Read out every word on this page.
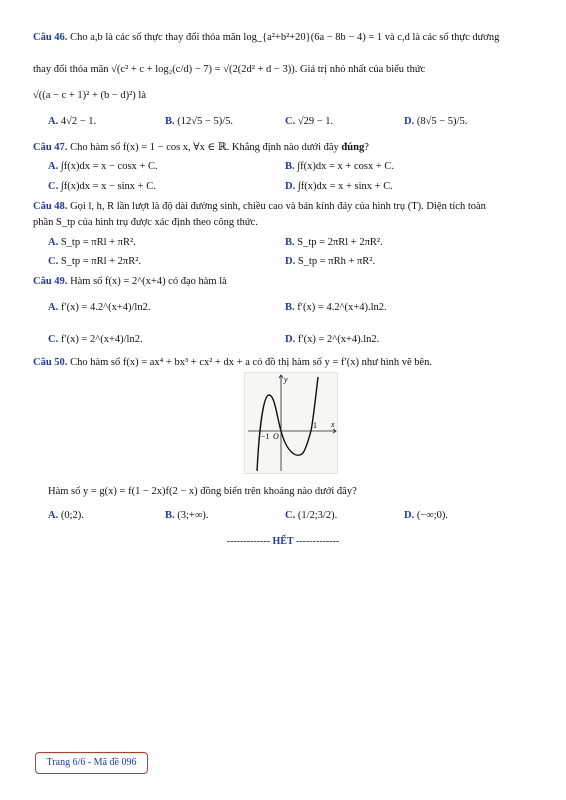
Câu 46. Cho a,b là các số thực thay đổi thỏa mãn log_{a²+b²+20}(6a − 8b − 4) = 1 và c,d là các số thực dương
thay đổi thỏa mãn √(c² + c + log₂(c/d) − 7) = √(2(2d² + d − 3)). Giá trị nhỏ nhất của biểu thức
√((a − c + 1)² + (b − d)²) là
A. 4√2 − 1.	B. (12√5 − 5)/5.	C. √29 − 1.	D. (8√5 − 5)/5.
Câu 47. Cho hàm số f(x) = 1 − cos x, ∀x ∈ ℝ. Khẳng định nào dưới đây đúng?
A. ∫f(x)dx = x − cosx + C.	B. ∫f(x)dx = x + cosx + C.
C. ∫f(x)dx = x − sinx + C.	D. ∫f(x)dx = x + sinx + C.
Câu 48. Gọi l, h, R lần lượt là độ dài đường sinh, chiều cao và bán kính đáy của hình trụ (T). Diện tích toàn
phần S_tp của hình trụ được xác định theo công thức.
A. S_tp = πRl + πR².	B. S_tp = 2πRl + 2πR².
C. S_tp = πRl + 2πR².	D. S_tp = πRh + πR².
Câu 49. Hàm số f(x) = 2^(x+4) có đạo hàm là
A. f′(x) = 4.2^(x+4)/ln2.	B. f′(x) = 4.2^(x+4).ln2.
C. f′(x) = 2^(x+4)/ln2.	D. f′(x) = 2^(x+4).ln2.
Câu 50. Cho hàm số f(x) = ax⁴ + bx³ + cx² + dx + a có đồ thị hàm số y = f′(x) như hình vẽ bên.
y
x
−1 O
1
Hàm số y = g(x) = f(1 − 2x)f(2 − x) đồng biến trên khoảng nào dưới đây?
A. (0;2).	B. (3;+∞).	C. (1/2;3/2).	D. (−∞;0).
------------- HẾT -------------
Trang 6/6 - Mã đề 096
